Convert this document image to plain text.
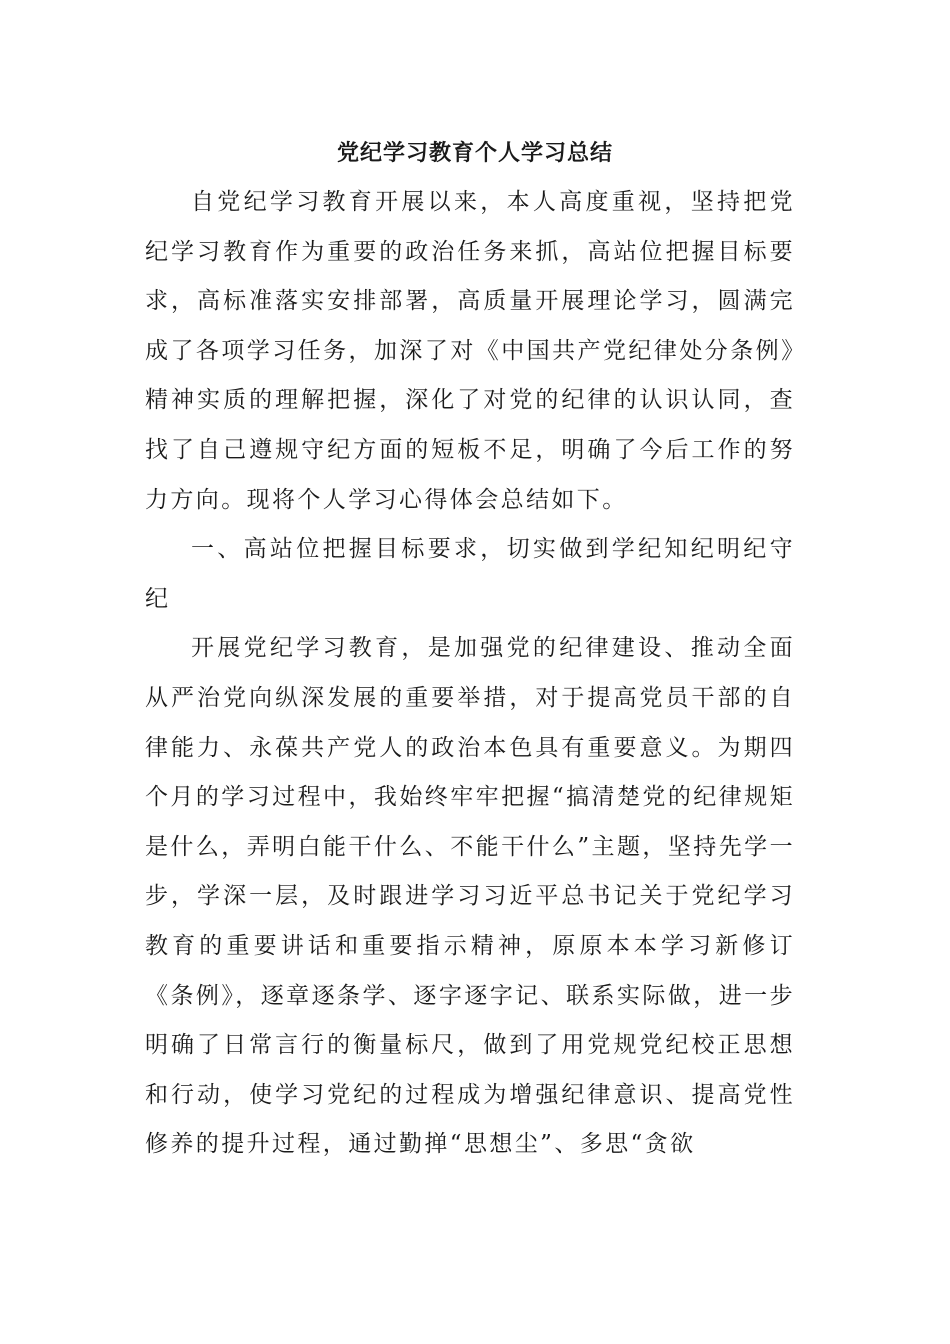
党纪学习教育个人学习总结

自党纪学习教育开展以来，本人高度重视，坚持把党纪学习教育作为重要的政治任务来抓，高站位把握目标要求，高标准落实安排部署，高质量开展理论学习，圆满完成了各项学习任务，加深了对《中国共产党纪律处分条例》精神实质的理解把握，深化了对党的纪律的认识认同，查找了自己遵规守纪方面的短板不足，明确了今后工作的努力方向。现将个人学习心得体会总结如下。

一、高站位把握目标要求，切实做到学纪知纪明纪守纪

开展党纪学习教育，是加强党的纪律建设、推动全面从严治党向纵深发展的重要举措，对于提高党员干部的自律能力、永葆共产党人的政治本色具有重要意义。为期四个月的学习过程中，我始终牢牢把握“搞清楚党的纪律规矩是什么，弄明白能干什么、不能干什么”主题，坚持先学一步，学深一层，及时跟进学习习近平总书记关于党纪学习教育的重要讲话和重要指示精神，原原本本学习新修订《条例》，逐章逐条学、逐字逐字记、联系实际做，进一步明确了日常言行的衡量标尺，做到了用党规党纪校正思想和行动，使学习党纪的过程成为增强纪律意识、提高党性修养的提升过程，通过勤掸“思想尘”、多思“贪欲
